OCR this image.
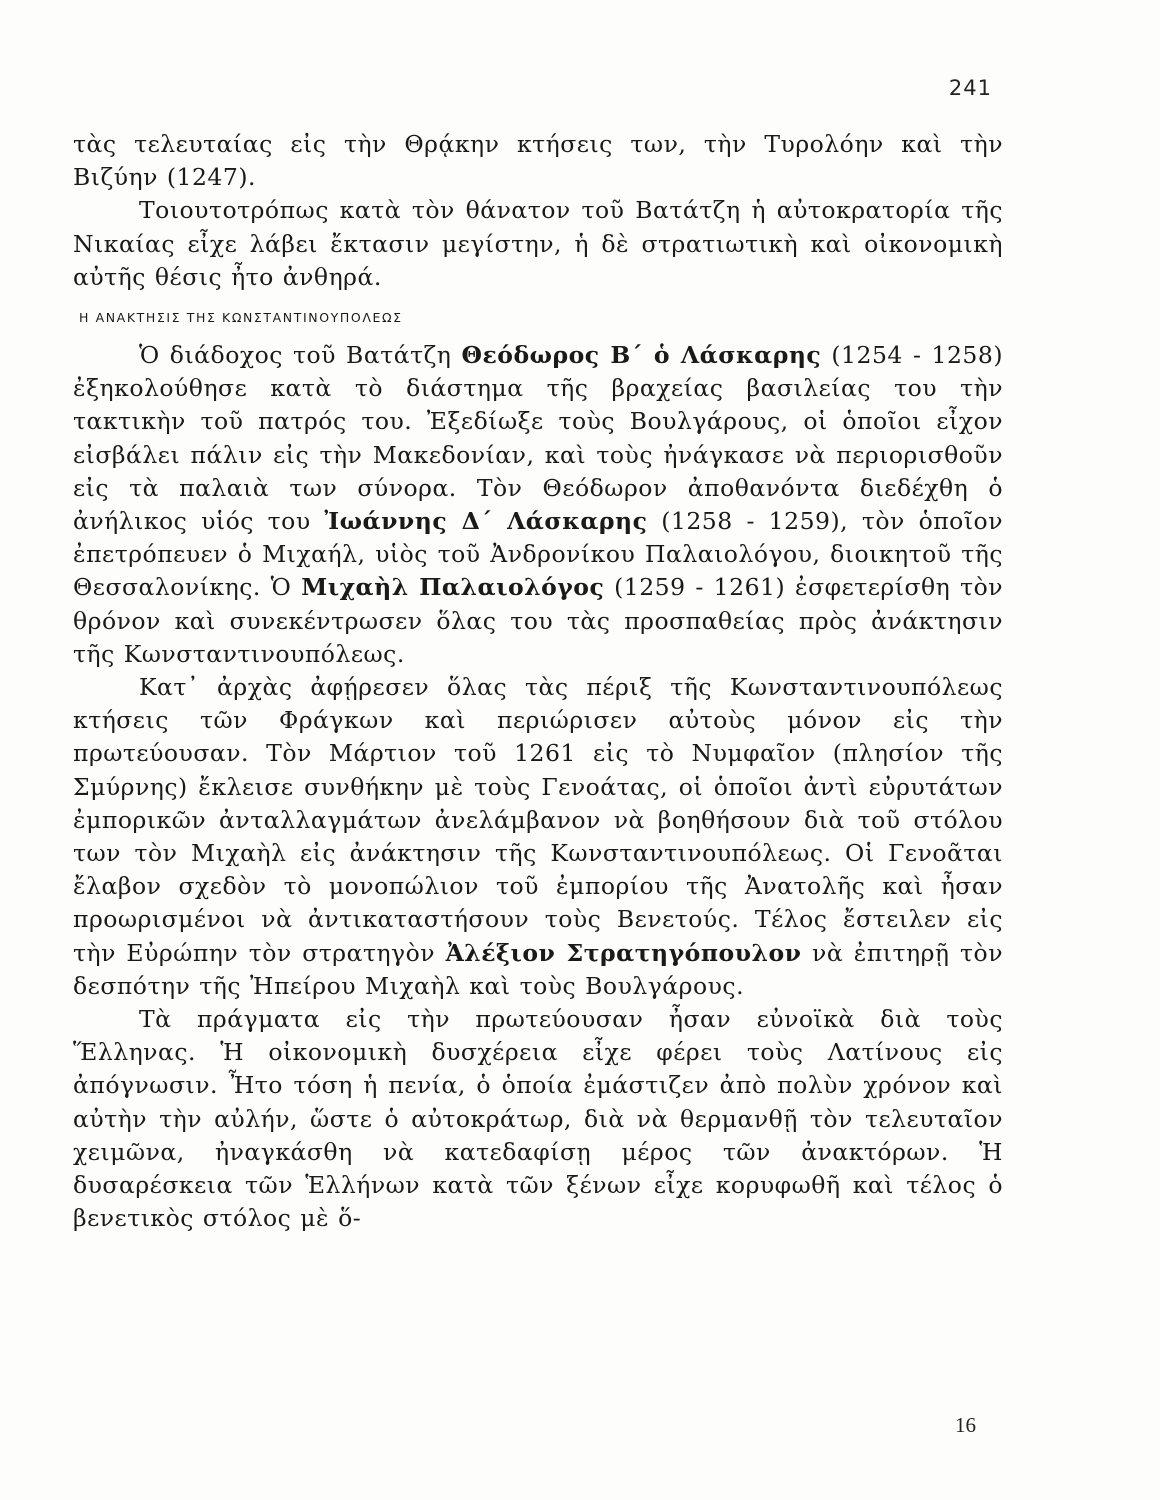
241

τὰς τελευταίας εἰς τὴν Θρᾴκην κτήσεις των, τὴν Τυρολόην καὶ τὴν Βιζύην (1247).

Τοιουτοτρόπως κατὰ τὸν θάνατον τοῦ Βατάτζη ἡ αὐτοκρατορία τῆς Νικαίας εἶχε λάβει ἔκτασιν μεγίστην, ἡ δὲ στρατιωτικὴ καὶ οἰκονομικὴ αὐτῆς θέσις ἦτο ἀνθηρά.

Η ΑΝΑΚΤΗΣΙΣ ΤΗΣ ΚΩΝΣΤΑΝΤΙΝΟΥΠΟΛΕΩΣ

Ὁ διάδοχος τοῦ Βατάτζη Θεόδωρος Β΄ ὁ Λάσκαρης (1254 - 1258) ἐξηκολούθησε κατὰ τὸ διάστημα τῆς βραχείας βασιλείας του τὴν τακτικὴν τοῦ πατρός του. Ἐξεδίωξε τοὺς Βουλγάρους, οἱ ὁποῖοι εἶχον εἰσβάλει πάλιν εἰς τὴν Μακεδονίαν, καὶ τοὺς ἠνάγκασε νὰ περιορισθοῦν εἰς τὰ παλαιὰ των σύνορα. Τὸν Θεόδωρον ἀποθανόντα διεδέχθη ὁ ἀνήλικος υἱός του Ἰωάννης Δ΄ Λάσκαρης (1258 - 1259), τὸν ὁποῖον ἐπετρόπευεν ὁ Μιχαήλ, υἱὸς τοῦ Ἀνδρονίκου Παλαιολόγου, διοικητοῦ τῆς Θεσσαλονίκης. Ὁ Μιχαὴλ Παλαιολόγος (1259 - 1261) ἐσφετερίσθη τὸν θρόνον καὶ συνεκέντρωσεν ὅλας του τὰς προσπαθείας πρὸς ἀνάκτησιν τῆς Κωνσταντινουπόλεως.

Κατ᾽ ἀρχὰς ἀφῄρεσεν ὅλας τὰς πέριξ τῆς Κωνσταντινουπόλεως κτήσεις τῶν Φράγκων καὶ περιώρισεν αὐτοὺς μόνον εἰς τὴν πρωτεύουσαν. Τὸν Μάρτιον τοῦ 1261 εἰς τὸ Νυμφαῖον (πλησίον τῆς Σμύρνης) ἔκλεισε συνθήκην μὲ τοὺς Γενοάτας, οἱ ὁποῖοι ἀντὶ εὐρυτάτων ἐμπορικῶν ἀνταλλαγμάτων ἀνελάμβανον νὰ βοηθήσουν διὰ τοῦ στόλου των τὸν Μιχαὴλ εἰς ἀνάκτησιν τῆς Κωνσταντινουπόλεως. Οἱ Γενοᾶται ἔλαβον σχεδὸν τὸ μονοπώλιον τοῦ ἐμπορίου τῆς Ἀνατολῆς καὶ ἦσαν προωρισμένοι νὰ ἀντικαταστήσουν τοὺς Βενετούς. Τέλος ἔστειλεν εἰς τὴν Εὐρώπην τὸν στρατηγὸν Ἀλέξιον Στρατηγόπουλον νὰ ἐπιτηρῇ τὸν δεσπότην τῆς Ἠπείρου Μιχαὴλ καὶ τοὺς Βουλγάρους.

Τὰ πράγματα εἰς τὴν πρωτεύουσαν ἦσαν εὐνοϊκὰ διὰ τοὺς Ἕλληνας. Ἡ οἰκονομικὴ δυσχέρεια εἶχε φέρει τοὺς Λατίνους εἰς ἀπόγνωσιν. Ἦτο τόση ἡ πενία, ὁ ὁποία ἐμάστιζεν ἀπὸ πολὺν χρόνον καὶ αὐτὴν τὴν αὐλήν, ὥστε ὁ αὐτοκράτωρ, διὰ νὰ θερμανθῇ τὸν τελευταῖον χειμῶνα, ἠναγκάσθη νὰ κατεδαφίσῃ μέρος τῶν ἀνακτόρων. Ἡ δυσαρέσκεια τῶν Ἑλλήνων κατὰ τῶν ξένων εἶχε κορυφωθῆ καὶ τέλος ὁ βενετικὸς στόλος μὲ ὅ-

16
